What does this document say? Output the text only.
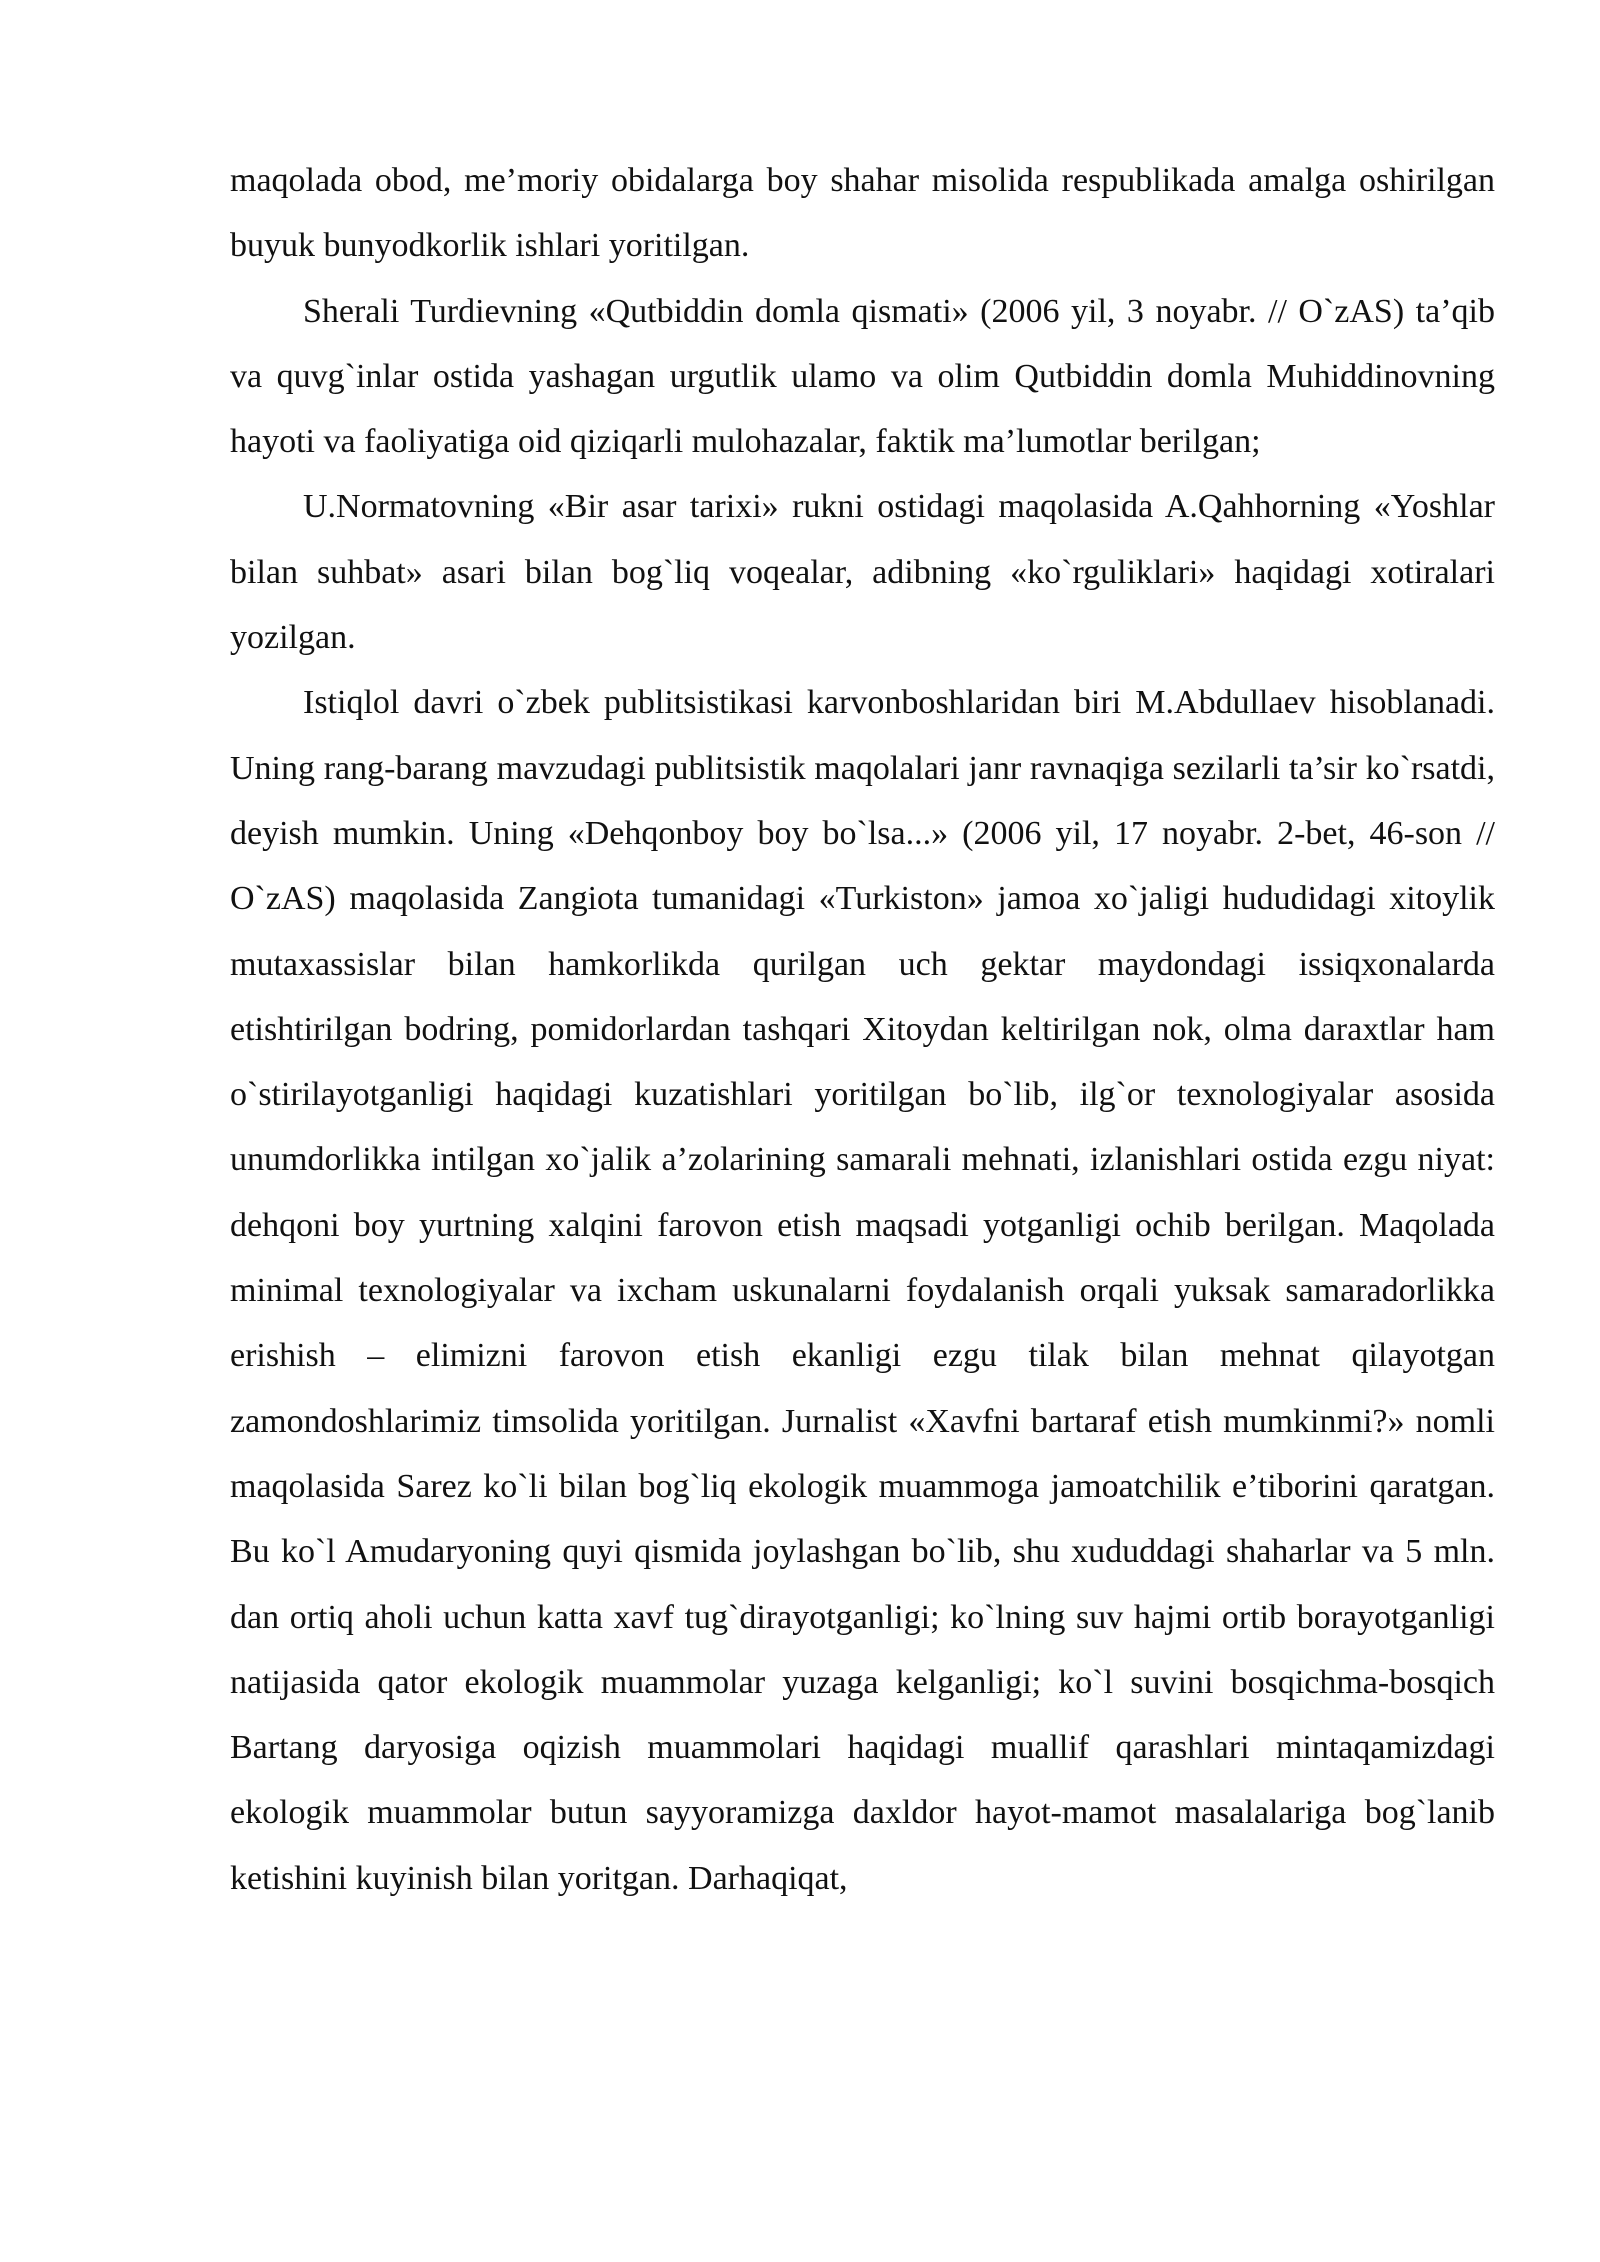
maqolada obod, me’moriy obidalarga boy shahar misolida respublikada amalga oshirilgan buyuk bunyodkorlik ishlari yoritilgan.

Sherali Turdievning «Qutbiddin domla qismati» (2006 yil, 3 noyabr. // O`zAS) ta’qib va quvg`inlar ostida yashagan urgutlik ulamo va olim Qutbiddin domla Muhiddinovning hayoti va faoliyatiga oid qiziqarli mulohazalar, faktik ma’lumotlar berilgan;

U.Normatovning «Bir asar tarixi» rukni ostidagi maqolasida A.Qahhorning «Yoshlar bilan suhbat» asari bilan bog`liq voqealar, adibning «ko`rguliklari» haqidagi xotiralari yozilgan.

Istiqlol davri o`zbek publitsistikasi karvonboshlaridan biri M.Abdullaev hisoblanadi. Uning rang-barang mavzudagi publitsistik maqolalari janr ravnaqiga sezilarli ta’sir ko`rsatdi, deyish mumkin. Uning «Dehqonboy boy bo`lsa...» (2006 yil, 17 noyabr. 2-bet, 46-son // O`zAS) maqolasida Zangiota tumanidagi «Turkiston» jamoa xo`jaligi hududidagi xitoylik mutaxassislar bilan hamkorlikda qurilgan uch gektar maydondagi issiqxonalarda etishtirilgan bodring, pomidorlardan tashqari Xitoydan keltirilgan nok, olma daraxtlar ham o`stirilayotganligi haqidagi kuzatishlari yoritilgan bo`lib, ilg`or texnologiyalar asosida unumdorlikka intilgan xo`jalik a’zolarining samarali mehnati, izlanishlari ostida ezgu niyat: dehqoni boy yurtning xalqini farovon etish maqsadi yotganligi ochib berilgan. Maqolada minimal texnologiyalar va ixcham uskunalarni foydalanish orqali yuksak samaradorlikka erishish – elimizni farovon etish ekanligi ezgu tilak bilan mehnat qilayotgan zamondoshlarimiz timsolida yoritilgan. Jurnalist «Xavfni bartaraf etish mumkinmi?» nomli maqolasida Sarez ko`li bilan bog`liq ekologik muammoga jamoatchilik e’tiborini qaratgan. Bu ko`l Amudaryoning quyi qismida joylashgan bo`lib, shu xududdagi shaharlar va 5 mln. dan ortiq aholi uchun katta xavf tug`dirayotganligi; ko`lning suv hajmi ortib borayotganligi natijasida qator ekologik muammolar yuzaga kelganligi; ko`l suvini bosqichma-bosqich Bartang daryosiga oqizish muammolari haqidagi muallif qarashlari mintaqamizdagi ekologik muammolar butun sayyoramizga daxldor hayot-mamot masalalariga bog`lanib ketishini kuyinish bilan yoritgan. Darhaqiqat,
